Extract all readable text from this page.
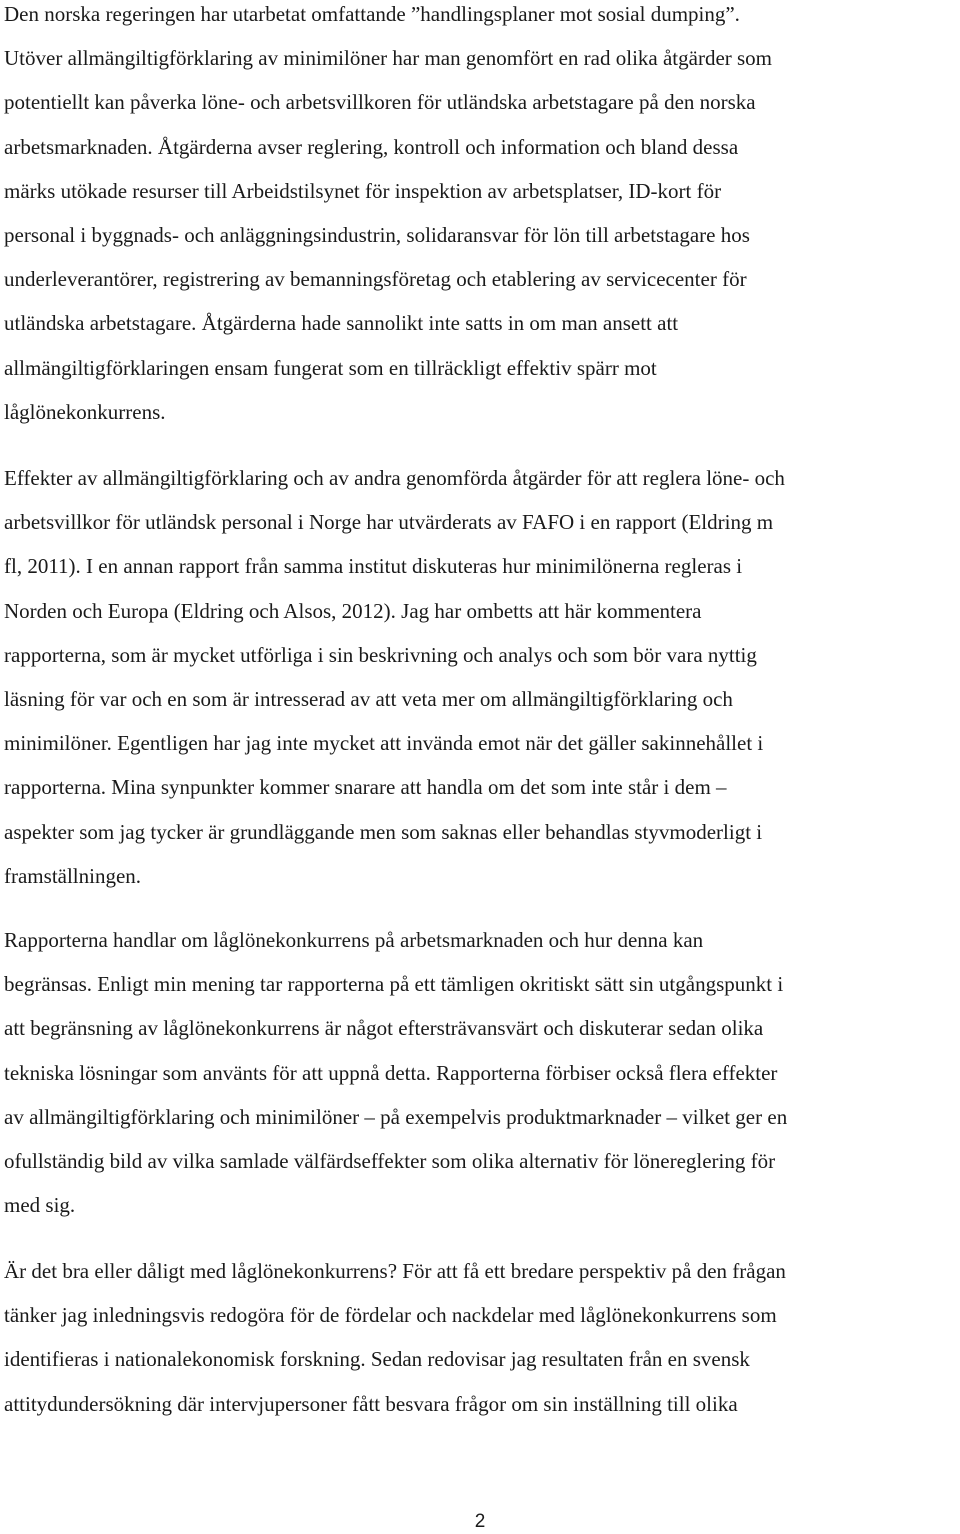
Den norska regeringen har utarbetat omfattande ”handlingsplaner mot sosial dumping”.
Utöver allmängiltigförklaring av minimilöner har man genomfört en rad olika åtgärder som
potentiellt kan påverka löne- och arbetsvillkoren för utländska arbetstagare på den norska
arbetsmarknaden. Åtgärderna avser reglering, kontroll och information och bland dessa
märks utökade resurser till Arbeidstilsynet för inspektion av arbetsplatser, ID-kort för
personal i byggnads- och anläggningsindustrin, solidaransvar för lön till arbetstagare hos
underleverantörer, registrering av bemanningsföretag och etablering av servicecenter för
utländska arbetstagare. Åtgärderna hade sannolikt inte satts in om man ansett att
allmängiltigförklaringen ensam fungerat som en tillräckligt effektiv spärr mot
låglönekonkurrens.

Effekter av allmängiltigförklaring och av andra genomförda åtgärder för att reglera löne- och
arbetsvillkor för utländsk personal i Norge har utvärderats av FAFO i en rapport (Eldring m
fl, 2011). I en annan rapport från samma institut diskuteras hur minimilönerna regleras i
Norden och Europa (Eldring och Alsos, 2012). Jag har ombetts att här kommentera
rapporterna, som är mycket utförliga i sin beskrivning och analys och som bör vara nyttig
läsning för var och en som är intresserad av att veta mer om allmängiltigförklaring och
minimilöner. Egentligen har jag inte mycket att invända emot när det gäller sakinnehållet i
rapporterna. Mina synpunkter kommer snarare att handla om det som inte står i dem –
aspekter som jag tycker är grundläggande men som saknas eller behandlas styvmoderligt i
framställningen.

Rapporterna handlar om låglönekonkurrens på arbetsmarknaden och hur denna kan
begränsas. Enligt min mening tar rapporterna på ett tämligen okritiskt sätt sin utgångspunkt i
att begränsning av låglönekonkurrens är något eftersträvansvärt och diskuterar sedan olika
tekniska lösningar som använts för att uppnå detta. Rapporterna förbiser också flera effekter
av allmängiltigförklaring och minimilöner – på exempelvis produktmarknader – vilket ger en
ofullständig bild av vilka samlade välfärdseffekter som olika alternativ för lönereglering för
med sig.

Är det bra eller dåligt med låglönekonkurrens? För att få ett bredare perspektiv på den frågan
tänker jag inledningsvis redogöra för de fördelar och nackdelar med låglönekonkurrens som
identifieras i nationalekonomisk forskning. Sedan redovisar jag resultaten från en svensk
attitydundersökning där intervjupersoner fått besvara frågor om sin inställning till olika

2
